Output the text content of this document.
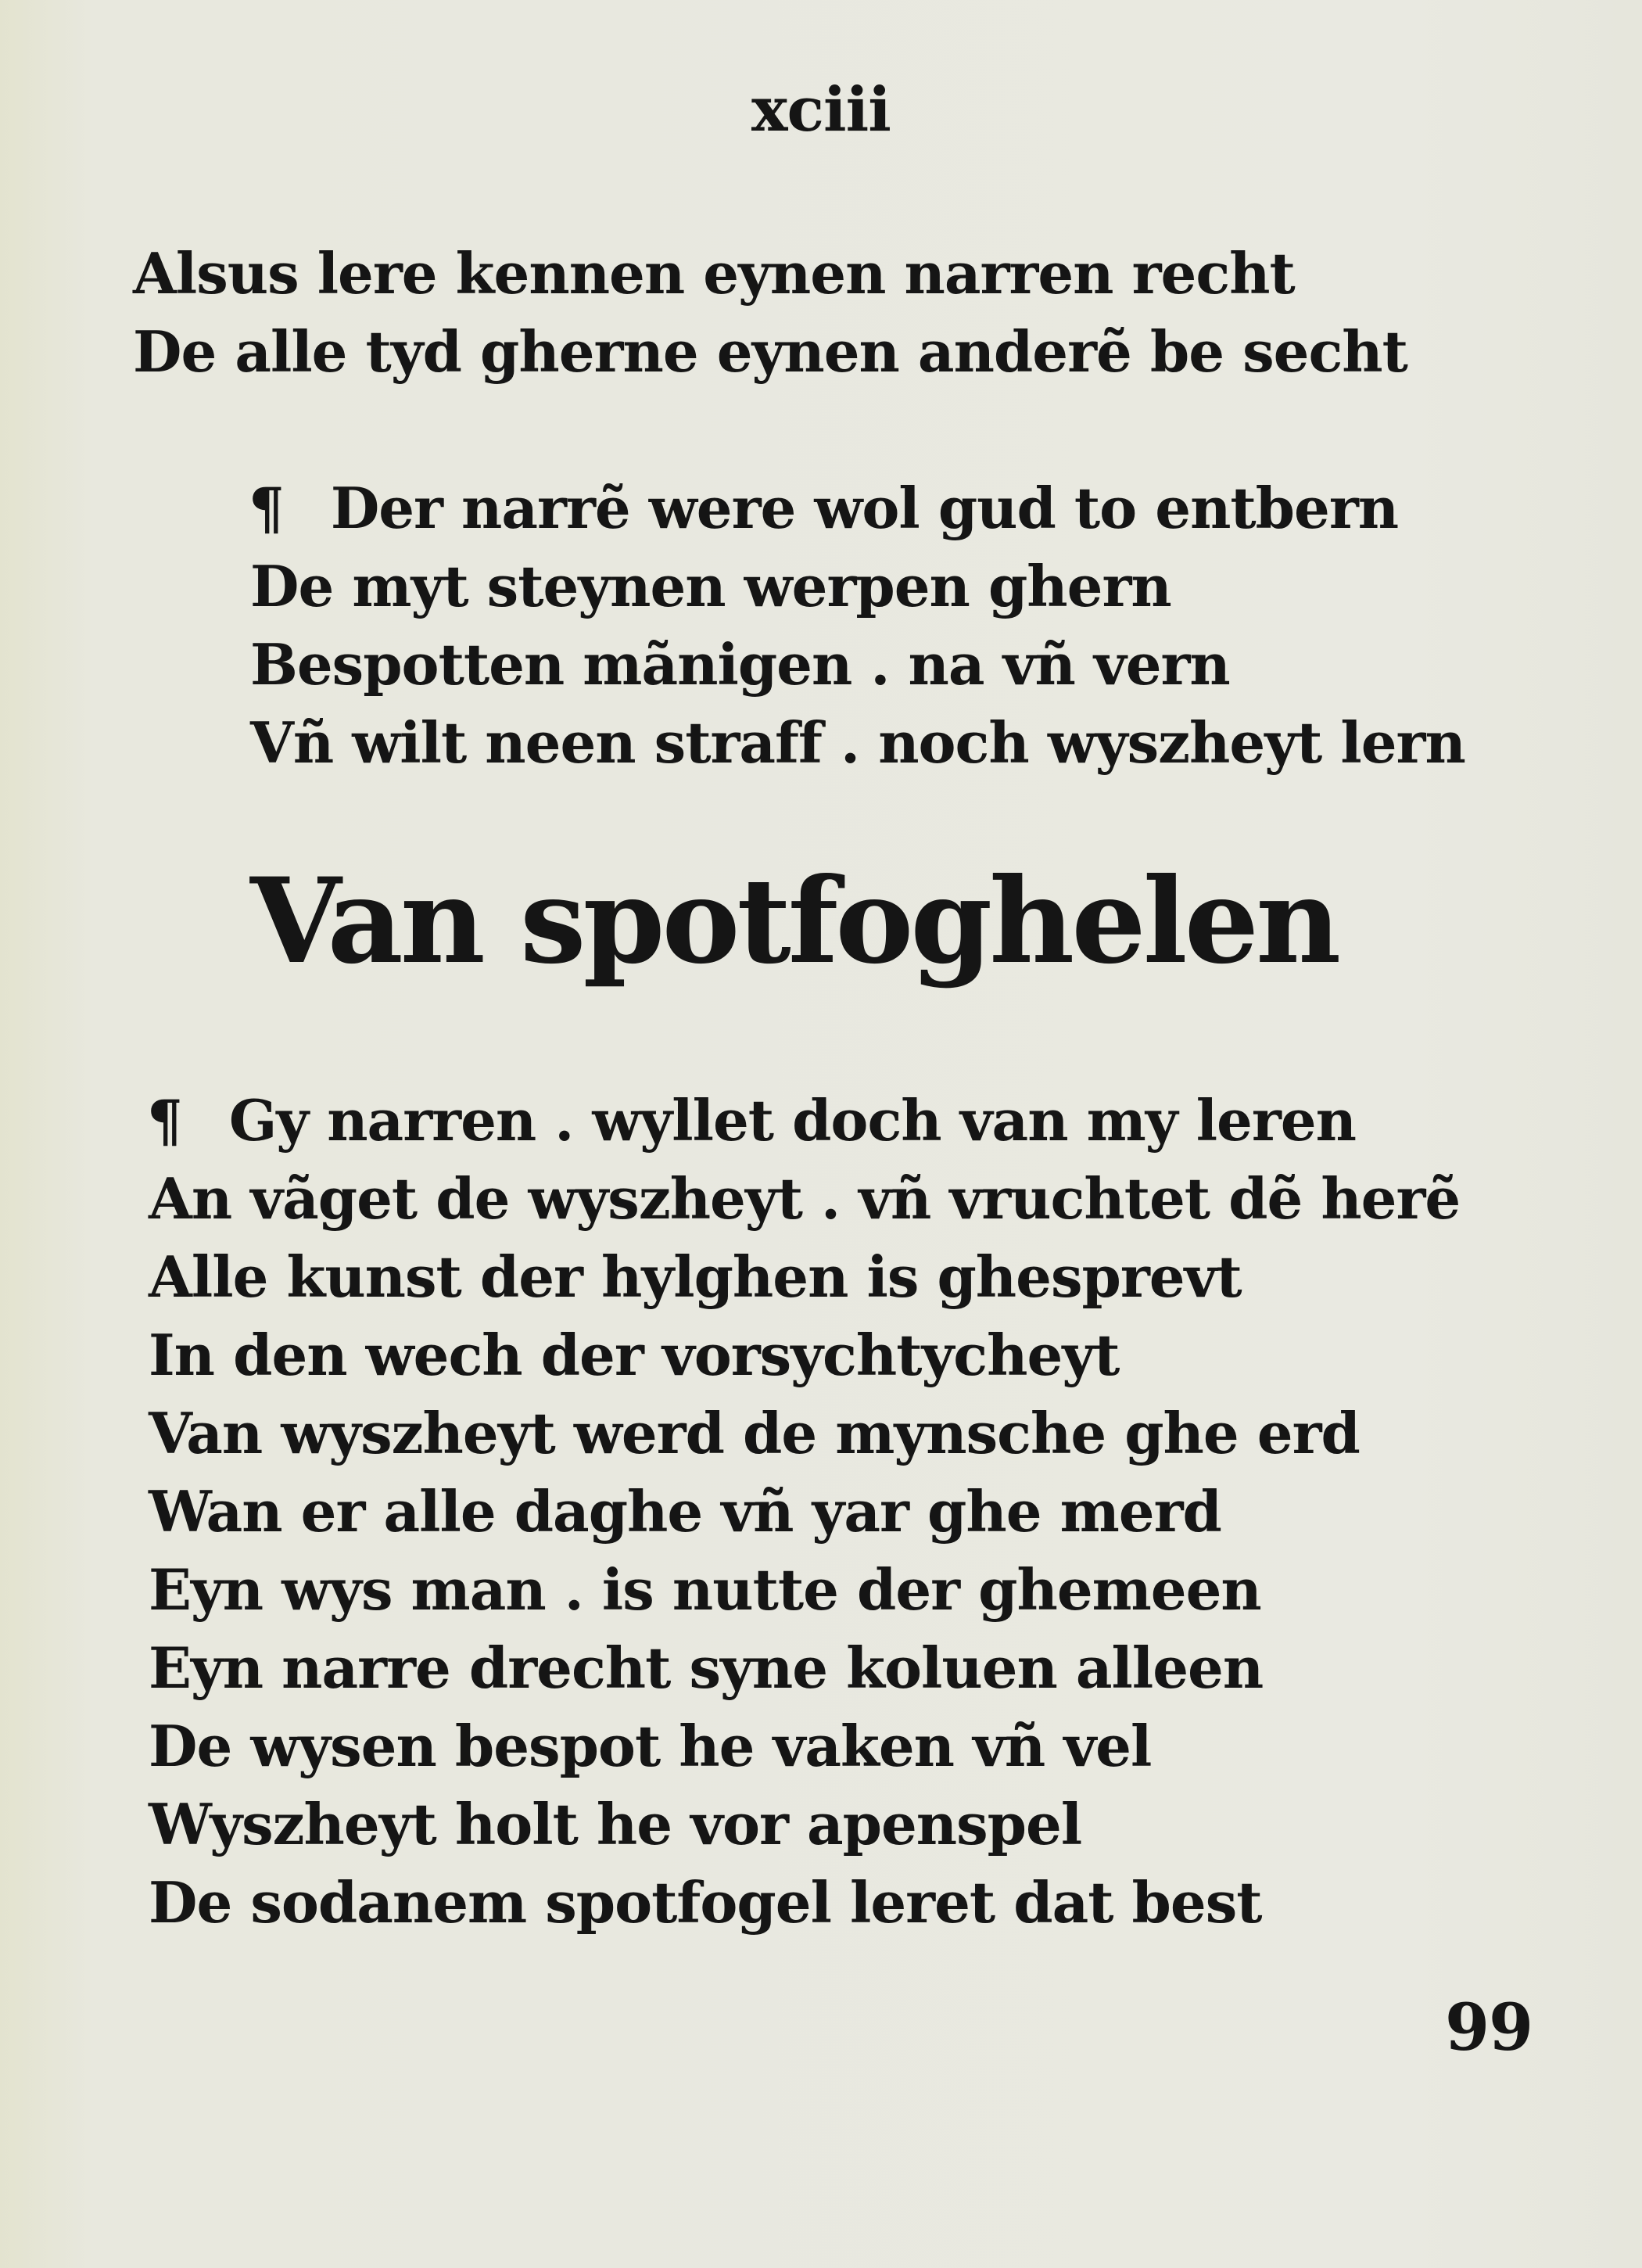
xciii
Alsus lere kennen eynen narren recht
De alle tyd gherne eynen anderẽ be secht
¶ Der narrẽ were wol gud to entbern
De myt steynen werpen ghern
Bespotten mãnigen . na vñ vern
Vñ wilt neen straff . noch wyszheyt lern
Van spotfoghelen
¶ Gy narren . wyllet doch van my leren
An vãget de wyszheyt . vñ vruchtet dẽ herẽ
Alle kunst der hylghen is ghesprevt
In den wech der vorsychtycheyt
Van wyszheyt werd de mynsche ghe erd
Wan er alle daghe vñ yar ghe merd
Eyn wys man . is nutte der ghemeen
Eyn narre drecht syne koluen alleen
De wysen bespot he vaken vñ vel
Wyszheyt holt he vor apenspel
De sodanem spotfogel leret dat best
99
